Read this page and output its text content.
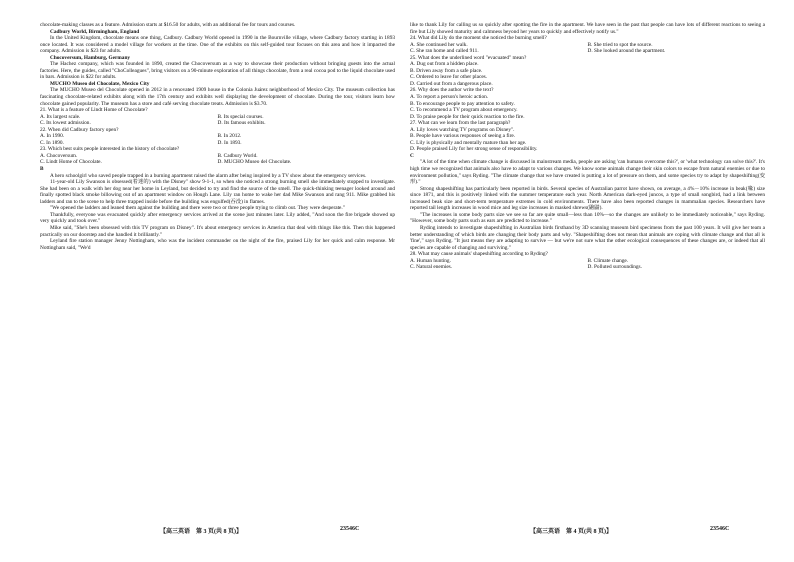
chocolate-making classes as a feature. Admission starts at $16.50 for adults, with an additional fee for tours and courses.

Cadbury World, Birmingham, England

In the United Kingdom, chocolate means one thing, Cadbury. Cadbury World opened in 1990 in the Bournville village, where Cadbury factory starting in 1893 once located. It was considered a model village for workers at the time. One of the exhibits on this self-guided tour focuses on this area and how it impacted the company. Admission is $23 for adults.

Chocoversum, Hamburg, Germany

The Hachez company, which was founded in 1890, created the Chocoversum as a way to showcase their production without bringing guests into the actual factories. Here, the guides, called "ChoColleagues", bring visitors on a 90-minute exploration of all things chocolate, from a real cocoa pod to the liquid chocolate used in bars. Admission is $22 for adults.

MUCHO Museo del Chocolate, Mexico City

The MUCHO Museo del Chocolate opened in 2012 in a renovated 1909 house in the Colonia Juárez neighborhood of Mexico City. The museum collection has fascinating chocolate-related exhibits along with the 17th century and exhibits well displaying the development of chocolate. During the tour, visitors learn how chocolate gained popularity. The museum has a store and café serving chocolate treats. Admission is $3.70.

21. What is a feature of Lindt Home of Chocolate?

A. Its largest scale.	B. Its special courses.
C. Its lowest admission.	D. Its famous exhibits.

22. When did Cadbury factory open?

A. In 1990.	B. In 2012.
C. In 1890.	D. In 1893.

23. Which best suits people interested in the history of chocolate?

A. Chocoversum.	B. Cadbury World.
C. Lindt Home of Chocolate.	D. MUCHO Museo del Chocolate.

B

A hero schoolgirl who saved people trapped in a burning apartment raised the alarm after being inspired by a TV show about the emergency services.

11-year-old Lily Swanson is obsessed(着迷的) with the Disney" show 9-1-1, so when she noticed a strong burning smell she immediately stopped to investigate. She had been on a walk with her dog near her home in Leyland, but decided to try and find the source of the smell. The quick-thinking teenager looked around and finally spotted black smoke billowing out of an apartment window on Hough Lane. Lily ran home to wake her dad Mike Swanson and rang 911. Mike grabbed his ladders and ran to the scene to help three trapped inside before the building was engulfed(吞没) in flames.

"We opened the ladders and leaned them against the building and there were two or three people trying to climb out. They were desperate."

Thankfully, everyone was evacuated quickly after emergency services arrived at the scene just minutes later. Lily added, "And soon the fire brigade showed up very quickly and took over."

Mike said, "She's been obsessed with this TV program on Disney". It's about emergency services in America that deal with things like this. Then this happened practically on our doorstep and she handled it brilliantly."

Leyland fire station manager Jenny Nottingham, who was the incident commander on the night of the fire, praised Lily for her quick and calm response. Mr Nottingham said, "We'd

like to thank Lily for calling us so quickly after spotting the fire in the apartment. We have seen in the past that people can have lots of different reactions to seeing a fire but Lily showed maturity and calmness beyond her years to quickly and effectively notify us."

24. What did Lily do the moment she noticed the burning smell?

A. She continued her walk.	B. She tried to spot the source.
C. She ran home and called 911.	D. She looked around the apartment.

25. What does the underlined word "evacuated" mean?

A. Dug out from a hidden place.
B. Driven away from a safe place.
C. Ordered to leave for other places.
D. Carried out from a dangerous place.

26. Why does the author write the text?

A. To report a person's heroic action.
B. To encourage people to pay attention to safety.
C. To recommend a TV program about emergency.
D. To praise people for their quick reaction to the fire.

27. What can we learn from the last paragraph?

A. Lily loves watching TV programs on Disney".
B. People have various responses of seeing a fire.
C. Lily is physically and mentally mature than her age.
D. People praised Lily for her strong sense of responsibility.

C

"A lot of the time when climate change is discussed in mainstream media, people are asking 'can humans overcome this?', or 'what technology can solve this?'. It's high time we recognized that animals also have to adapt to various changes. We know some animals change their skin colors to escape from natural enemies or due to environment pollution," says Ryding. "The climate change that we have created is putting a lot of pressure on them, and some species try to adapt by shapeshifting(变形)."

Strong shapeshifting has particularly been reported in birds. Several species of Australian parrot have shown, on average, a 4%－10% increase in beak(喙) size since 1871, and this is positively linked with the summer temperature each year. North American dark-eyed juncos, a type of small songbird, had a link between increased beak size and short-term temperature extremes in cold environments. There have also been reported changes in mammalian species. Researchers have reported tail length increases in wood mice and leg size increases in masked shrews(鼩鼱).

"The increases in some body parts size we see so far are quite small—less than 10%—so the changes are unlikely to be immediately noticeable," says Ryding. "However, some body parts such as ears are predicted to increase."

Ryding intends to investigate shapeshifting in Australian birds firsthand by 3D scanning museum bird specimens from the past 100 years. It will give her team a better understanding of which birds are changing their body parts and why. "Shapeshifting does not mean that animals are coping with climate change and that all is 'fine'," says Ryding. "It just means they are adapting to survive — but we're not sure what the other ecological consequences of these changes are, or indeed that all species are capable of changing and surviving."

28. What may cause animals' shapeshifting according to Ryding?

A. Human hunting.	B. Climate change.
C. Natural enemies.	D. Polluted surroundings.
【高三英语　第 3 页(共 8 页)】	23546C	【高三英语　第 4 页(共 8 页)】	23546C
